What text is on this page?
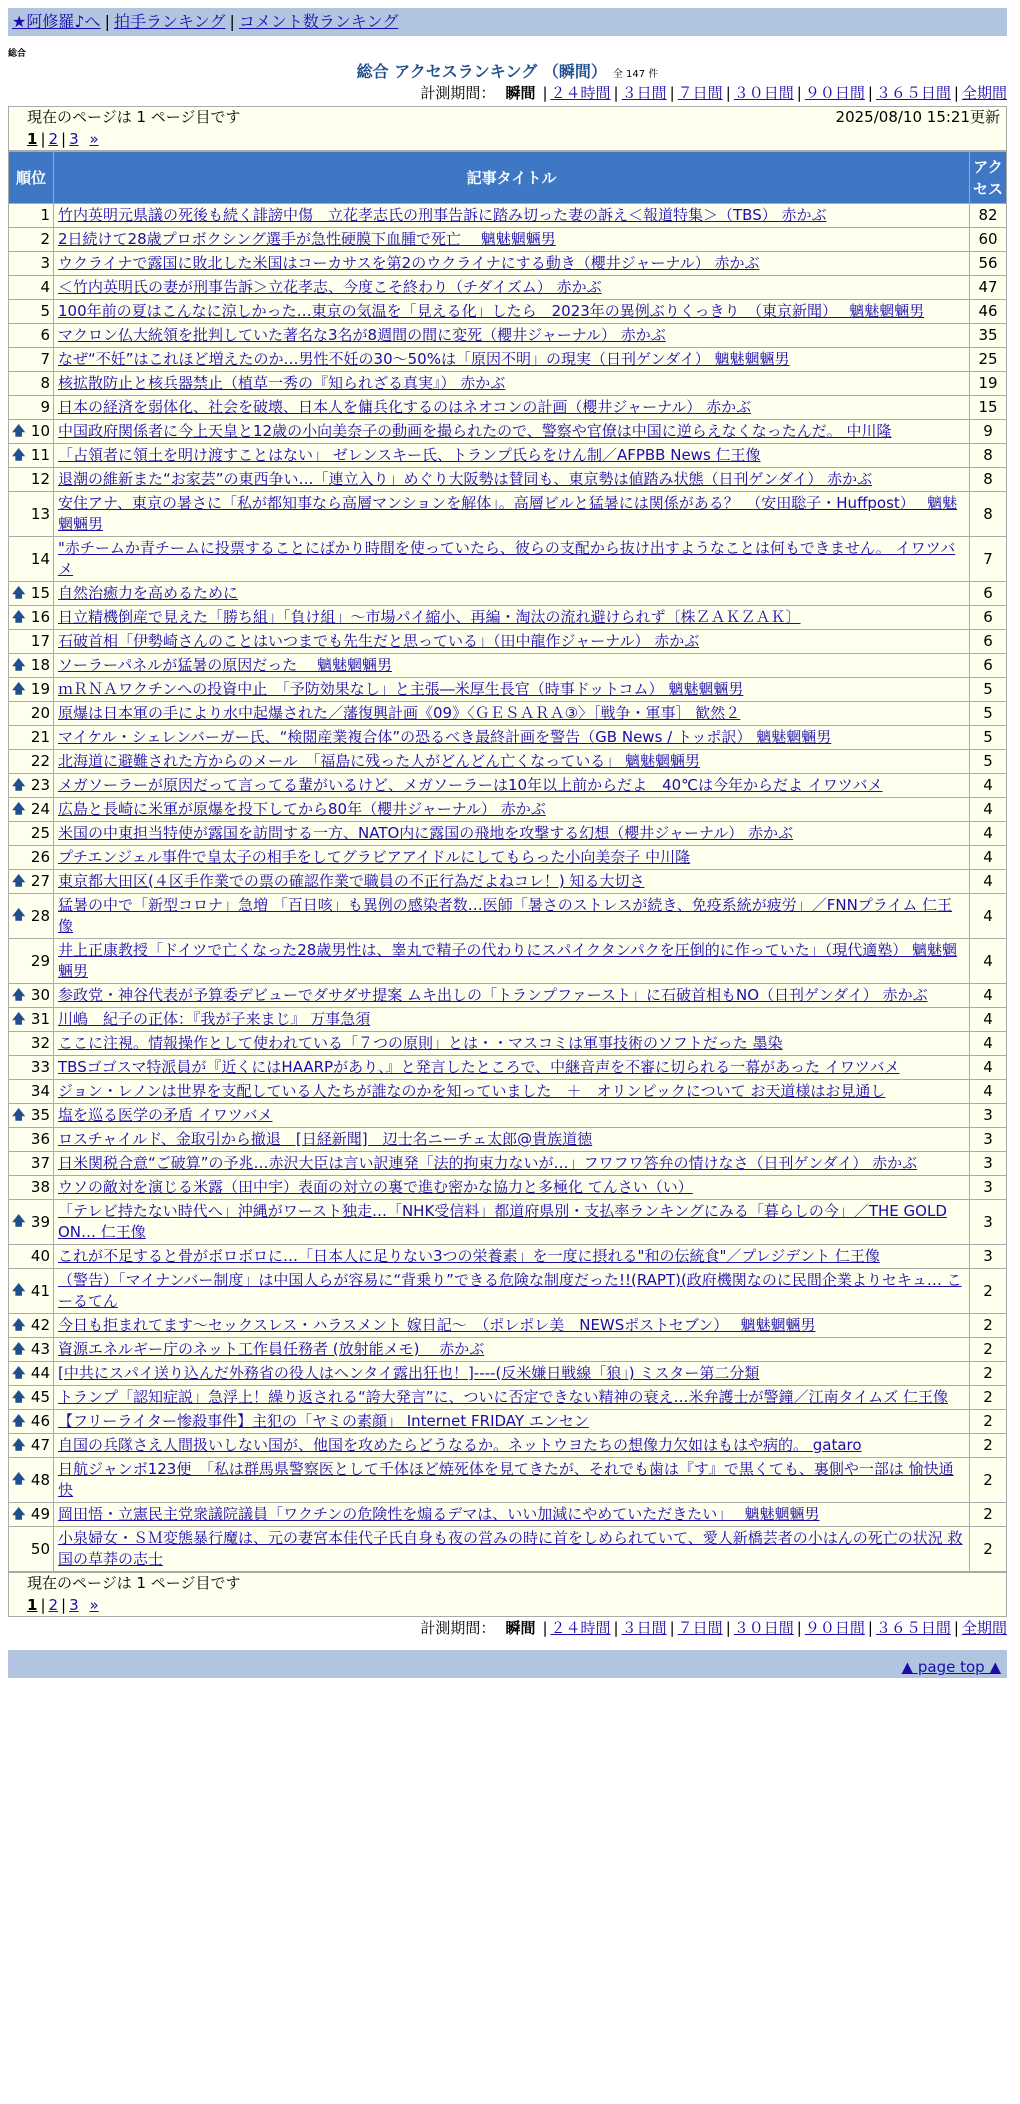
★阿修羅♪へ | 拍手ランキング | コメント数ランキング
総合
総合 アクセスランキング （瞬間） 全 147 件
計測期間： 瞬間 | ２４時間 | ３日間 | ７日間 | ３０日間 | ９０日間 | ３６５日間 | 全期間
現在のページは 1 ページ目です	2025/08/10 15:21更新
1 | 2 | 3 »
順位	記事タイトル	アクセス
1	竹内英明元県議の死後も続く誹謗中傷　立花孝志氏の刑事告訴に踏み切った妻の訴え＜報道特集＞（TBS） 赤かぶ	82
2	2日続けて28歳プロボクシング選手が急性硬膜下血腫で死亡　 魑魅魍魎男	60
3	ウクライナで露国に敗北した米国はコーカサスを第2のウクライナにする動き（櫻井ジャーナル） 赤かぶ	56
4	＜竹内英明氏の妻が刑事告訴＞立花孝志、今度こそ終わり（チダイズム） 赤かぶ	47
5	100年前の夏はこんなに涼しかった…東京の気温を「見える化」したら　2023年の異例ぶりくっきり　（東京新聞）　 魑魅魍魎男	46
6	マクロン仏大統領を批判していた著名な3名が8週間の間に変死（櫻井ジャーナル） 赤かぶ	35
7	なぜ“不妊”はこれほど増えたのか…男性不妊の30～50%は「原因不明」の現実（日刊ゲンダイ） 魑魅魍魎男	25
8	核拡散防止と核兵器禁止（植草一秀の『知られざる真実』） 赤かぶ	19
9	日本の経済を弱体化、社会を破壊、日本人を傭兵化するのはネオコンの計画（櫻井ジャーナル） 赤かぶ	15

🡅 10	中国政府関係者に今上天皇と12歳の小向美奈子の動画を撮られたので、警察や官僚は中国に逆らえなくなったんだ。 中川隆	9

🡅 11	「占領者に領土を明け渡すことはない」 ゼレンスキー氏、トランプ氏らをけん制／AFPBB News 仁王像	8
12	退潮の維新また“お家芸”の東西争い…「連立入り」めぐり大阪勢は賛同も、東京勢は値踏み状態（日刊ゲンダイ） 赤かぶ	8
13	安住アナ、東京の暑さに「私が都知事なら高層マンションを解体」。高層ビルと猛暑には関係がある？　（安田聡子・Huffpost）　 魑魅魍魎男	8
14	"赤チームか青チームに投票することにばかり時間を使っていたら、彼らの支配から抜け出すようなことは何もできません。 イワツバメ	7

🡅 15	自然治癒力を高めるために	6

🡅 16	日立精機倒産で見えた「勝ち組」「負け組」～市場パイ縮小、再編・淘汰の流れ避けられず〔株ＺＡＫＺＡＫ〕	6
17	石破首相「伊勢崎さんのことはいつまでも先生だと思っている」（田中龍作ジャーナル） 赤かぶ	6

🡅 18	ソーラーパネルが猛暑の原因だった　 魑魅魍魎男	6

🡅 19	ｍＲＮＡワクチンへの投資中止　「予防効果なし」と主張―米厚生長官（時事ドットコム） 魑魅魍魎男	5
20	原爆は日本軍の手により水中起爆された／藩復興計画《09》〈ＧＥＳＡＲＡ③〉［戦争・軍事］ 歓然２	5
21	マイケル・シェレンバーガー氏、“検閲産業複合体”の恐るべき最終計画を警告（GB News / トッポ訳） 魑魅魍魎男	5
22	北海道に避難された方からのメール　「福島に残った人がどんどん亡くなっている」 魑魅魍魎男	5

🡅 23	メガソーラーが原因だって言ってる輩がいるけど、メガソーラーは10年以上前からだよ　40℃は今年からだよ イワツバメ	4

🡅 24	広島と長崎に米軍が原爆を投下してから80年（櫻井ジャーナル） 赤かぶ	4
25	米国の中東担当特使が露国を訪問する一方、NATO内に露国の飛地を攻撃する幻想（櫻井ジャーナル） 赤かぶ	4
26	プチエンジェル事件で皇太子の相手をしてグラビアアイドルにしてもらった小向美奈子 中川隆	4

🡅 27	東京都大田区(４区手作業での票の確認作業で職員の不正行為だよねコレ！) 知る大切さ	4

🡅 28	猛暑の中で「新型コロナ」急増 「百日咳」も異例の感染者数…医師「暑さのストレスが続き、免疫系統が疲労」／FNNプライム 仁王像	4
29	井上正康教授「ドイツで亡くなった28歳男性は、睾丸で精子の代わりにスパイクタンパクを圧倒的に作っていた」（現代適塾） 魑魅魍魎男	4

🡅 30	参政党・神谷代表が予算委デビューでダサダサ提案 ムキ出しの「トランプファースト」に石破首相もNO（日刊ゲンダイ） 赤かぶ	4

🡅 31	川嶋　紀子の正体：『我が子来まじ』 万事急須	4
32	ここに注視。情報操作として使われている「７つの原則」とは・・マスコミは軍事技術のソフトだった 墨染	4
33	TBSゴゴスマ特派員が『近くにはHAARPがあり、』と発言したところで、中継音声を不審に切られる一幕があった イワツバメ	4
34	ジョン・レノンは世界を支配している人たちが誰なのかを知っていました　＋　オリンピックについて お天道様はお見通し	4

🡅 35	塩を巡る医学の矛盾 イワツバメ	3
36	ロスチャイルド、金取引から撤退　[日経新聞]　辺士名ニーチェ太郎@貴族道徳	3
37	日米関税合意“ご破算”の予兆…赤沢大臣は言い訳連発「法的拘束力ないが…」フワフワ答弁の情けなさ（日刊ゲンダイ） 赤かぶ	3
38	ウソの敵対を演じる米露（田中宇）表面の対立の裏で進む密かな協力と多極化 てんさい（い）	3

🡅 39	「テレビ持たない時代へ」沖縄がワースト独走…「NHK受信料」都道府県別・支払率ランキングにみる「暮らしの今」／THE GOLD ON… 仁王像	3
40	これが不足すると骨がボロボロに…「日本人に足りない3つの栄養素」を一度に摂れる"和の伝統食"／プレジデント 仁王像	3

🡅 41	（警告）「マイナンバー制度」は中国人らが容易に“背乗り”できる危険な制度だった!!(RAPT)(政府機関なのに民間企業よりセキュ… こーるてん	2

🡅 42	今日も拒まれてます～セックスレス・ハラスメント 嫁日記～　（ポレポレ美　NEWSポストセブン）　 魑魅魍魎男	2

🡅 43	資源エネルギー庁のネット工作員任務者 (放射能メモ)　 赤かぶ	2

🡅 44	[中共にスパイ送り込んだ外務省の役人はヘンタイ露出狂也！]----(反米嫌日戦線「狼」) ミスター第二分類	2

🡅 45	トランプ「認知症説」急浮上！繰り返される“誇大発言”に、ついに否定できない精神の衰え…米弁護士が警鐘／江南タイムズ 仁王像	2

🡅 46	【フリーライター惨殺事件】主犯の「ヤミの素顔」 Internet FRIDAY エンセン	2

🡅 47	自国の兵隊さえ人間扱いしない国が、他国を攻めたらどうなるか。ネットウヨたちの想像力欠如はもはや病的。 gataro	2

🡅 48	日航ジャンボ123便　「私は群馬県警察医として千体ほど焼死体を見てきたが、それでも歯は『す』で黒くても、裏側や一部は 愉快通快	2

🡅 49	岡田悟・立憲民主党衆議院議員「ワクチンの危険性を煽るデマは、いい加減にやめていただきたい」　 魑魅魍魎男	2
50	小泉婦女・ＳＭ変態暴行魔は、元の妻宮本佳代子氏自身も夜の営みの時に首をしめられていて、愛人新橋芸者の小はんの死亡の状況 救国の草莽の志士	2
現在のページは 1 ページ目です
1 | 2 | 3 »
計測期間： 瞬間 | ２４時間 | ３日間 | ７日間 | ３０日間 | ９０日間 | ３６５日間 | 全期間
▲ page top ▲
